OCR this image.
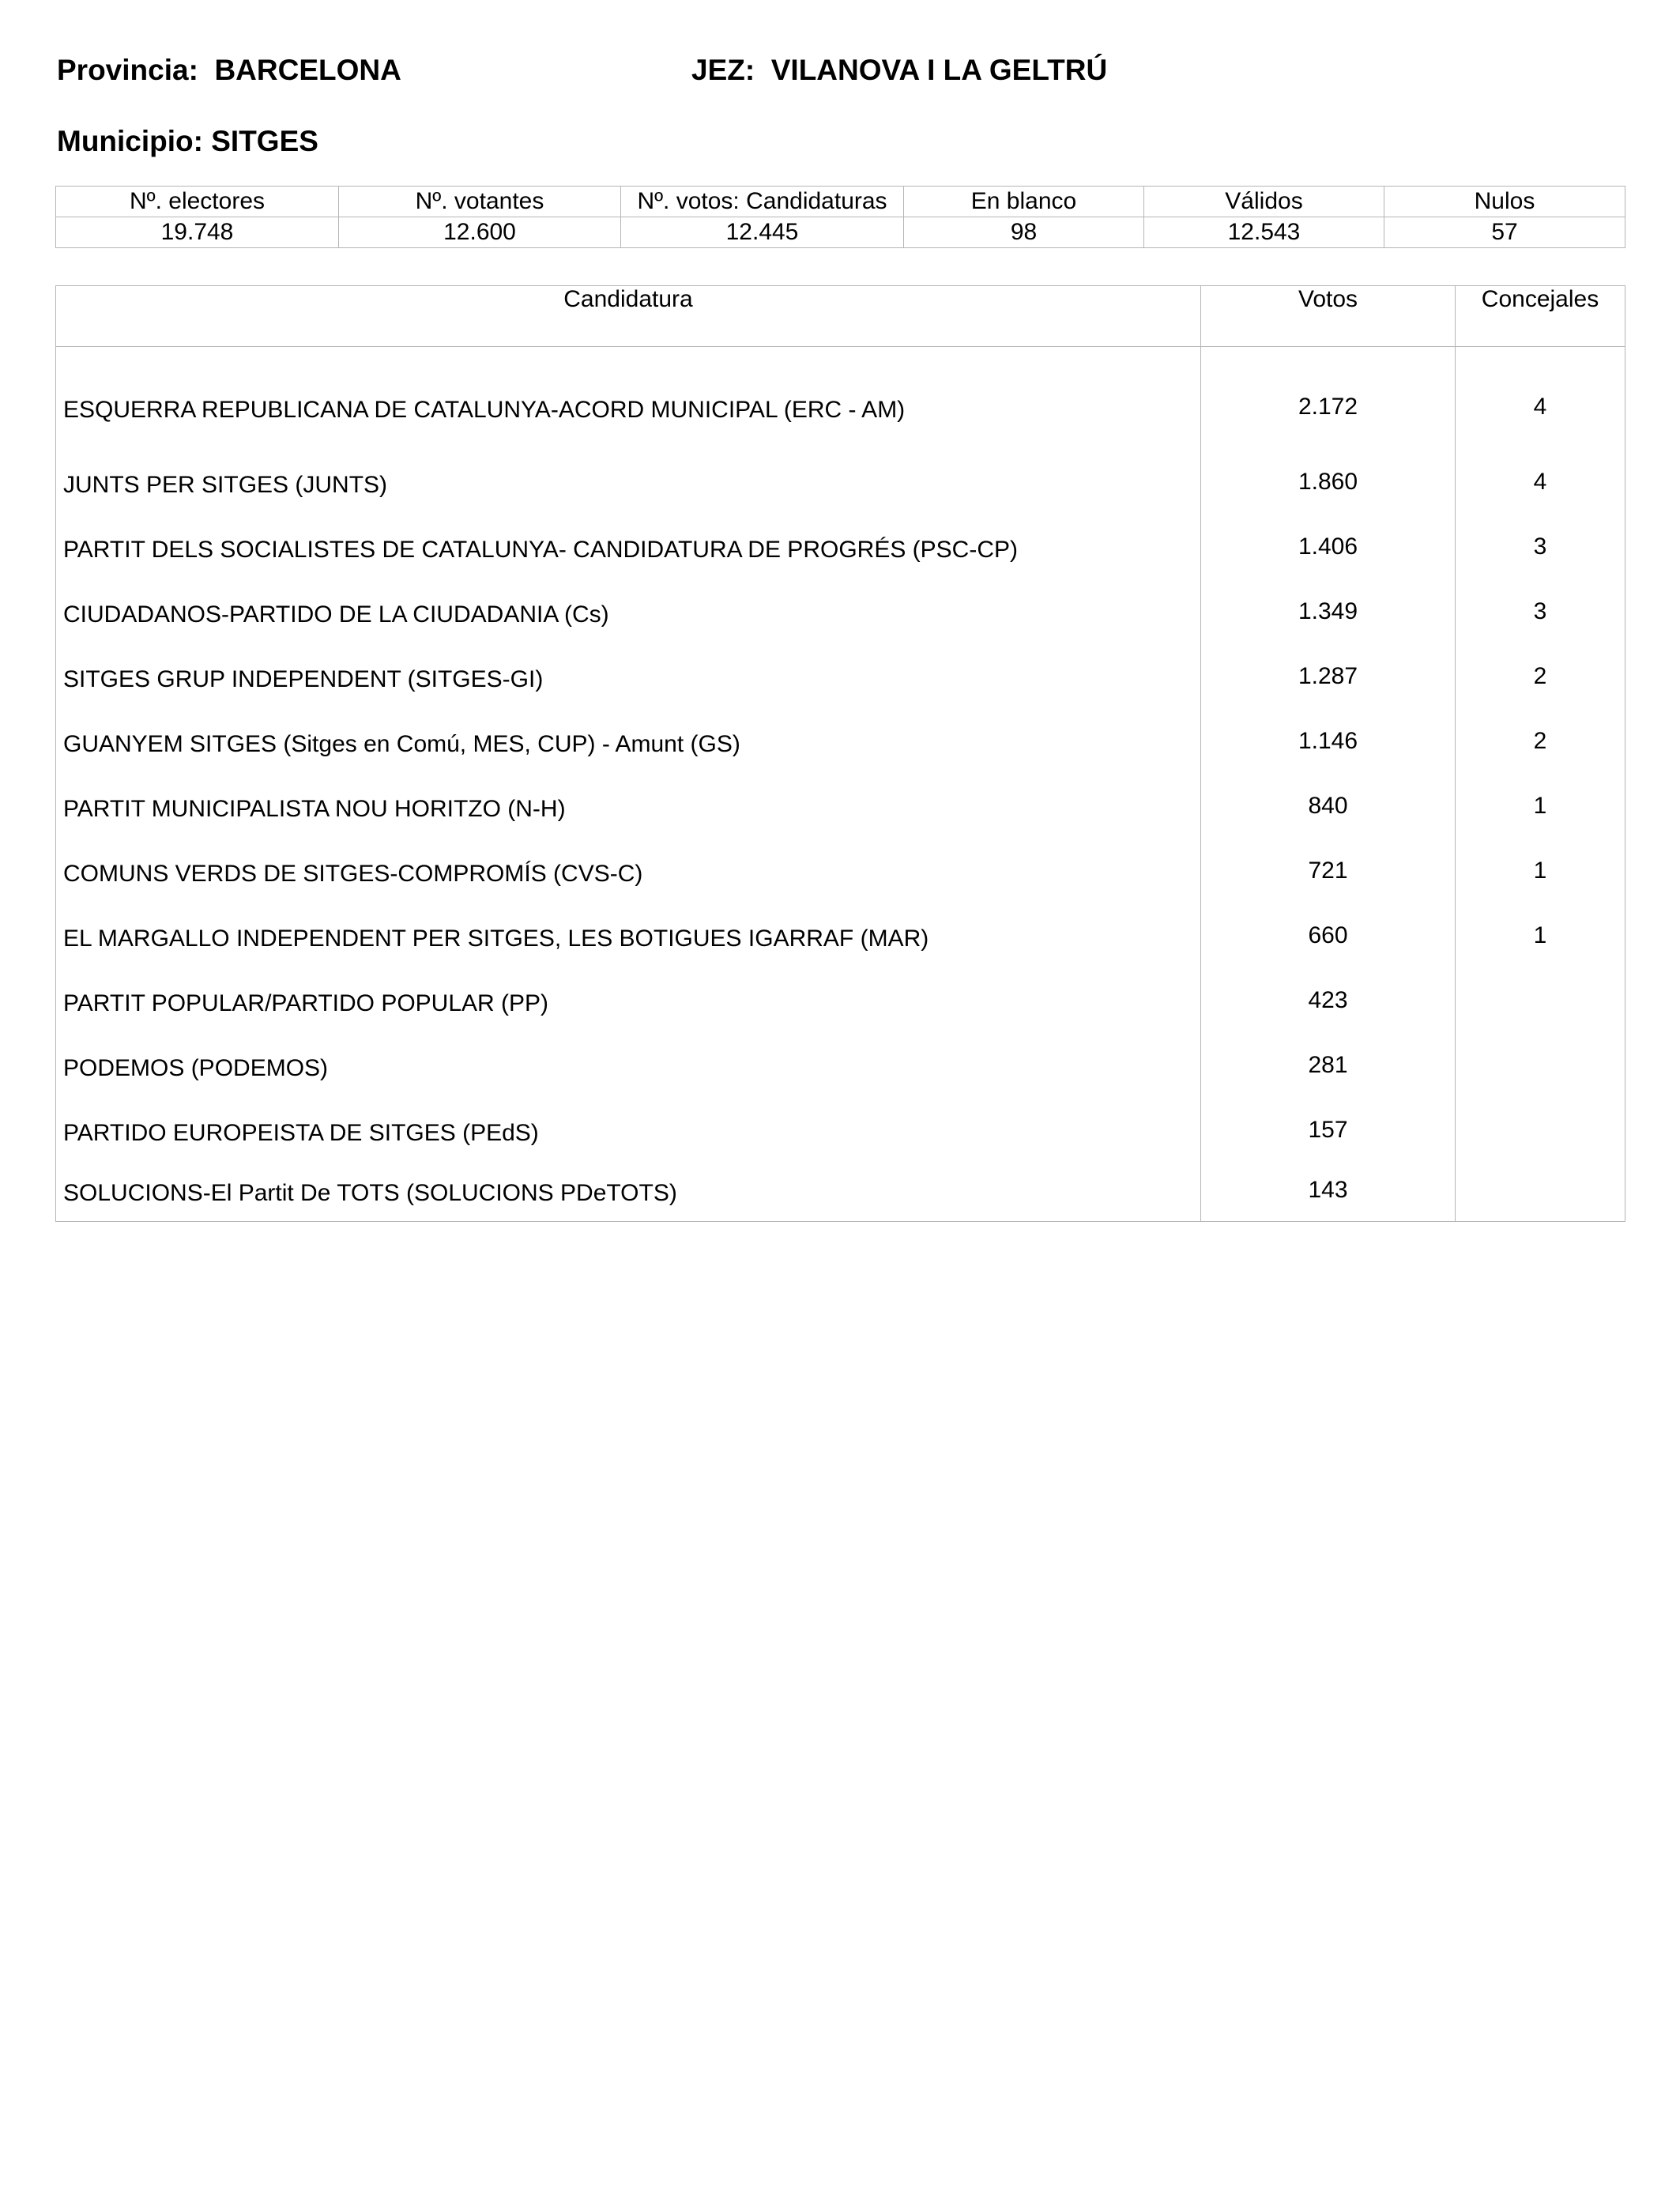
Provincia:  BARCELONA	JEZ:  VILANOVA I LA GELTRÚ
Municipio: SITGES
Nº. electores	Nº. votantes	Nº. votos: Candidaturas	En blanco	Válidos	Nulos
19.748	12.600	12.445	98	12.543	57
Candidatura	Votos	Concejales
ESQUERRA REPUBLICANA DE CATALUNYA-ACORD MUNICIPAL (ERC - AM)	2.172	4
JUNTS PER SITGES (JUNTS)	1.860	4
PARTIT DELS SOCIALISTES DE CATALUNYA- CANDIDATURA DE PROGRÉS (PSC-CP)	1.406	3
CIUDADANOS-PARTIDO DE LA CIUDADANIA (Cs)	1.349	3
SITGES GRUP INDEPENDENT (SITGES-GI)	1.287	2
GUANYEM SITGES (Sitges en Comú, MES, CUP) - Amunt (GS)	1.146	2
PARTIT MUNICIPALISTA NOU HORITZO (N-H)	840	1
COMUNS VERDS DE SITGES-COMPROMÍS (CVS-C)	721	1
EL MARGALLO INDEPENDENT PER SITGES, LES BOTIGUES IGARRAF (MAR)	660	1
PARTIT POPULAR/PARTIDO POPULAR (PP)	423	
PODEMOS (PODEMOS)	281	
PARTIDO EUROPEISTA DE SITGES (PEdS)	157	
SOLUCIONS-El Partit De TOTS (SOLUCIONS PDeTOTS)	143	
